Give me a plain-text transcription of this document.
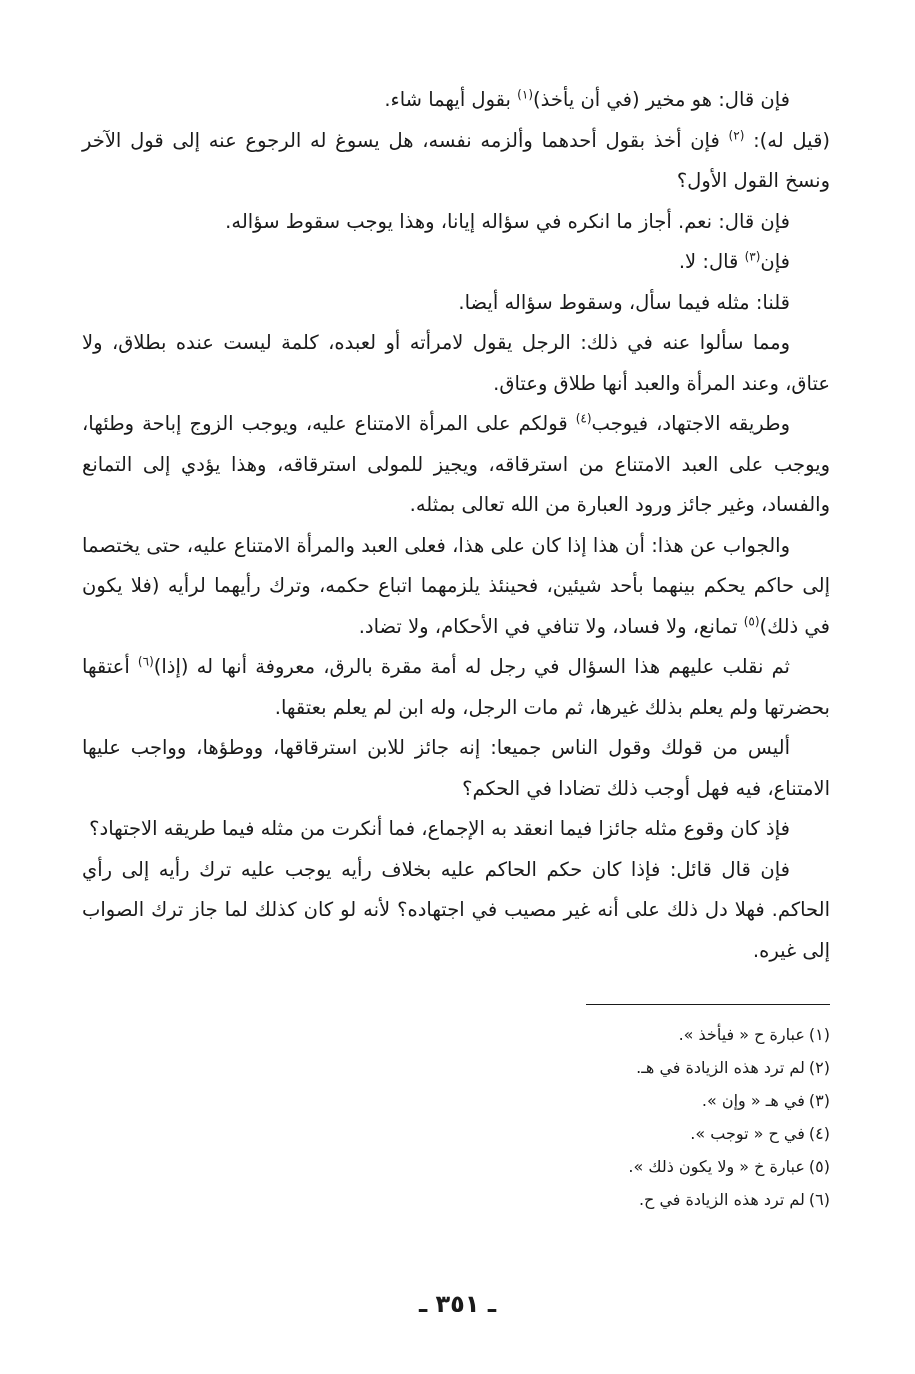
فإن قال: هو مخير (في أن يأخذ)$^{(١)}$ بقول أيهما شاء.

(قيل له): $^{(٢)}$ فإن أخذ بقول أحدهما وألزمه نفسه، هل يسوغ له الرجوع عنه إلى قول الآخر ونسخ القول الأول؟

فإن قال: نعم. أجاز ما انكره في سؤاله إيانا، وهذا يوجب سقوط سؤاله.

فإن$^{(٣)}$ قال: لا.

قلنا: مثله فيما سأل، وسقوط سؤاله أيضا.

ومما سألوا عنه في ذلك: الرجل يقول لامرأته أو لعبده، كلمة ليست عنده بطلاق، ولا عتاق، وعند المرأة والعبد أنها طلاق وعتاق.

وطريقه الاجتهاد، فيوجب$^{(٤)}$ قولكم على المرأة الامتناع عليه، ويوجب الزوج إباحة وطئها، ويوجب على العبد الامتناع من استرقاقه، ويجيز للمولى استرقاقه، وهذا يؤدي إلى التمانع والفساد، وغير جائز ورود العبارة من الله تعالى بمثله.

والجواب عن هذا: أن هذا إذا كان على هذا، فعلى العبد والمرأة الامتناع عليه، حتى يختصما إلى حاكم يحكم بينهما بأحد شيئين، فحينئذ يلزمهما اتباع حكمه، وترك رأيهما لرأيه (فلا يكون في ذلك)$^{(٥)}$ تمانع، ولا فساد، ولا تنافي في الأحكام، ولا تضاد.

ثم نقلب عليهم هذا السؤال في رجل له أمة مقرة بالرق، معروفة أنها له (إذا)$^{(٦)}$ أعتقها بحضرتها ولم يعلم بذلك غيرها، ثم مات الرجل، وله ابن لم يعلم بعتقها.

أليس من قولك وقول الناس جميعا: إنه جائز للابن استرقاقها، ووطؤها، وواجب عليها الامتناع، فيه فهل أوجب ذلك تضادا في الحكم؟

فإذ كان وقوع مثله جائزا فيما انعقد به الإجماع، فما أنكرت من مثله فيما طريقه الاجتهاد؟

فإن قال قائل: فإذا كان حكم الحاكم عليه بخلاف رأيه يوجب عليه ترك رأيه إلى رأي الحاكم. فهلا دل ذلك على أنه غير مصيب في اجتهاده؟ لأنه لو كان كذلك لما جاز ترك الصواب إلى غيره.

(١)عبارة ح « فيأخذ ».
(٢)لم ترد هذه الزيادة في هـ.
(٣)في هـ « وإن ».
(٤)في ح « توجب ».
(٥)عبارة خ « ولا يكون ذلك ».
(٦)لم ترد هذه الزيادة في ح.
ـ ٣٥١ ـ
